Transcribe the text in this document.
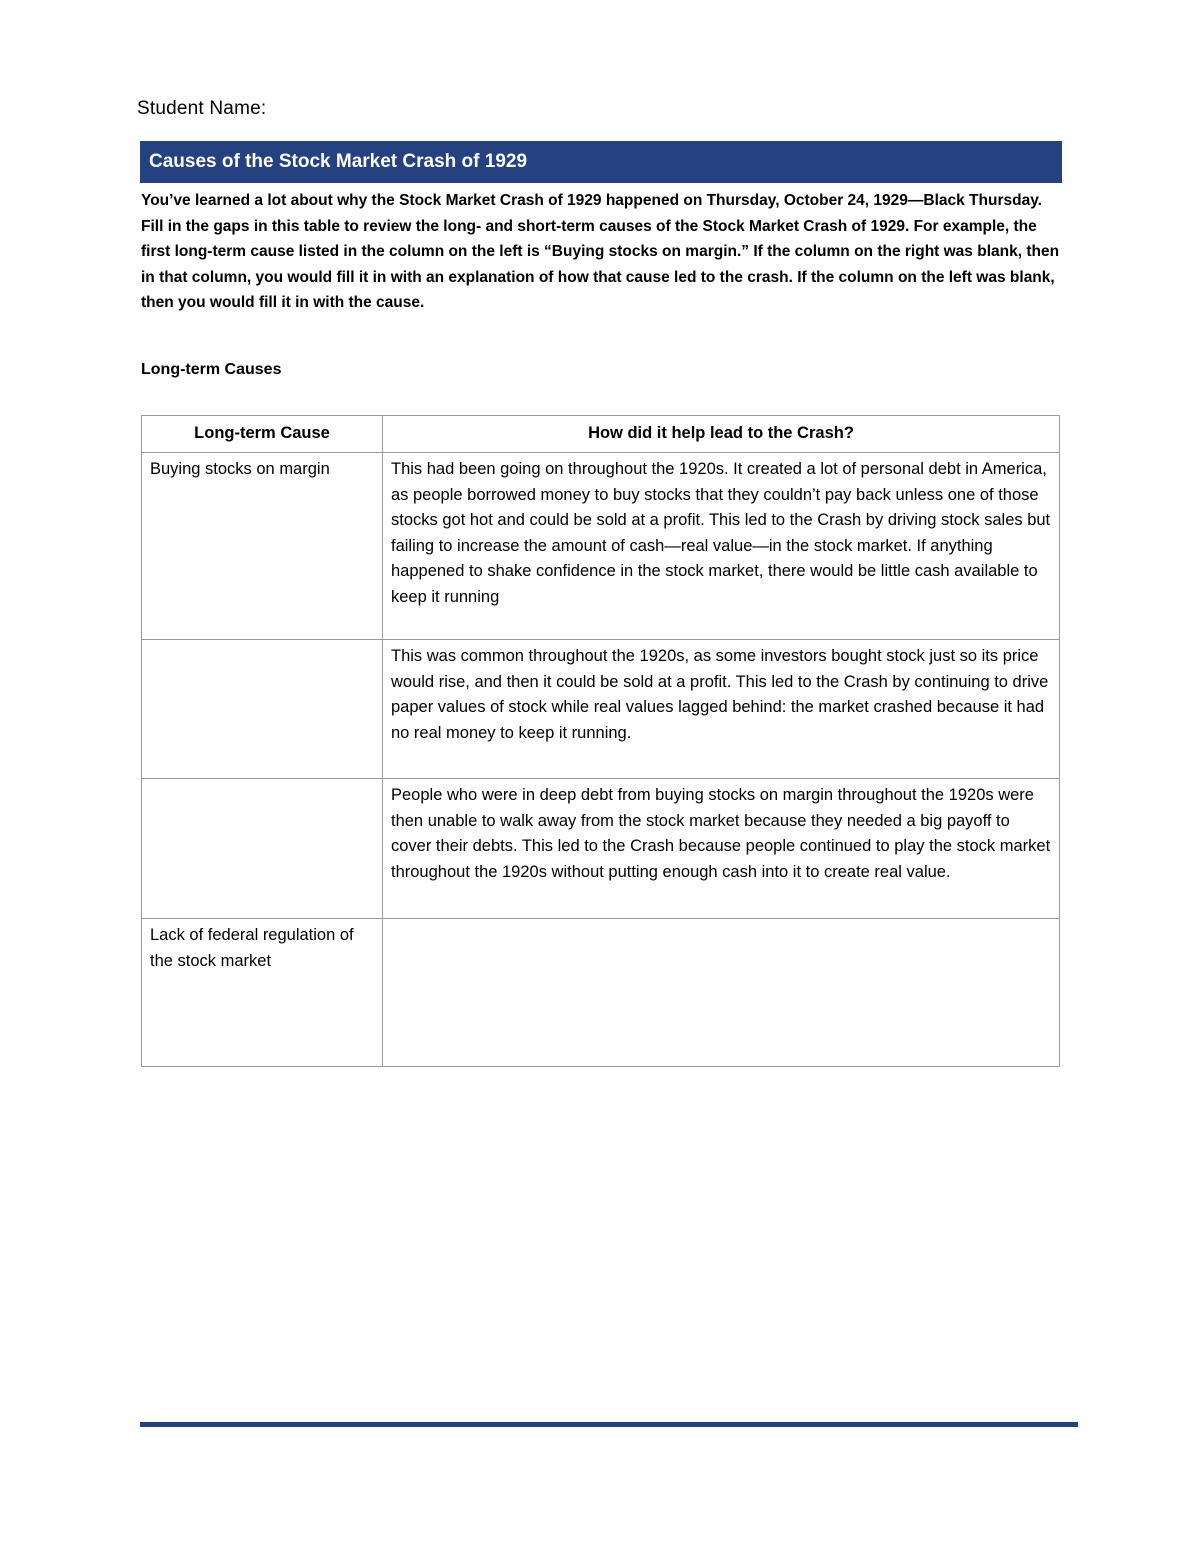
Student Name:
Causes of the Stock Market Crash of 1929
You’ve learned a lot about why the Stock Market Crash of 1929 happened on Thursday, October 24, 1929—Black Thursday. Fill in the gaps in this table to review the long- and short-term causes of the Stock Market Crash of 1929. For example, the first long-term cause listed in the column on the left is “Buying stocks on margin.” If the column on the right was blank, then in that column, you would fill it in with an explanation of how that cause led to the crash. If the column on the left was blank, then you would fill it in with the cause.
Long-term Causes
Long-term Cause	How did it help lead to the Crash?
Buying stocks on margin	This had been going on throughout the 1920s. It created a lot of personal debt in America, as people borrowed money to buy stocks that they couldn’t pay back unless one of those stocks got hot and could be sold at a profit. This led to the Crash by driving stock sales but failing to increase the amount of cash—real value—in the stock market. If anything happened to shake confidence in the stock market, there would be little cash available to keep it running
	This was common throughout the 1920s, as some investors bought stock just so its price would rise, and then it could be sold at a profit. This led to the Crash by continuing to drive paper values of stock while real values lagged behind: the market crashed because it had no real money to keep it running.
	People who were in deep debt from buying stocks on margin throughout the 1920s were then unable to walk away from the stock market because they needed a big payoff to cover their debts. This led to the Crash because people continued to play the stock market throughout the 1920s without putting enough cash into it to create real value.
Lack of federal regulation of the stock market	
